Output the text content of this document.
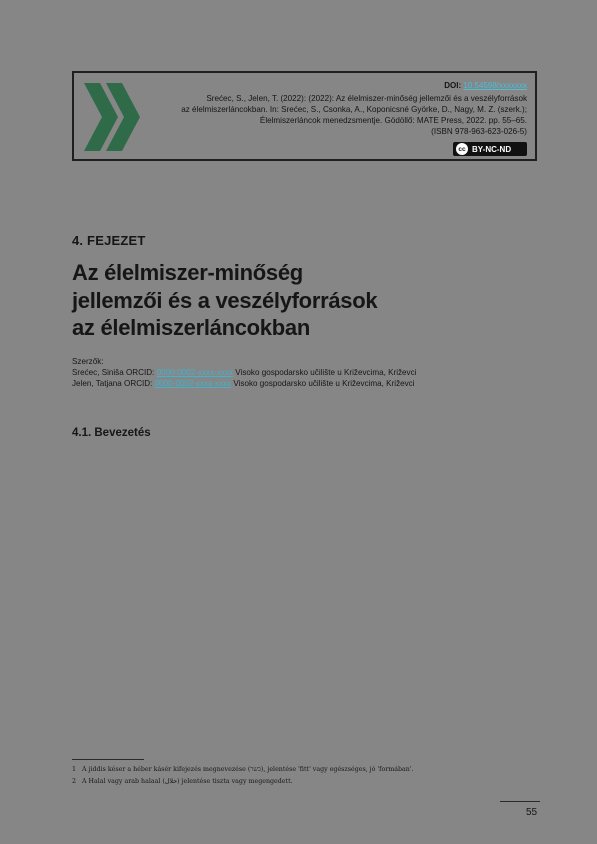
DOI: 10.54598/xxxxxxx
Srećec, S., Jelen, T. (2022): (2022): Az élelmiszer-minőség jellemzői és a veszélyforrások
az élelmiszerláncokban. In: Srećec, S., Csonka, A., Koponicsné Györke, D., Nagy, M. Z. (szerk.);
Élelmiszerláncok menedzsmentje. Gödöllő: MATE Press, 2022. pp. 55–65.
(ISBN 978-963-623-026-5)
cc BY-NC-ND
4. FEJEZET
Az élelmiszer-minőség
jellemzői és a veszélyforrások
az élelmiszerláncokban
Szerzők:
Srećec, Siniša ORCID: 0000-0002-xxxx-xxxx Visoko gospodarsko učilište u Križevcima, Križevci
Jelen, Tatjana ORCID: 0000-0002-xxxx-xxxx Visoko gospodarsko učilište u Križevcima, Križevci
4.1. Bevezetés
1 A jiddis késer a héber kásér kifejezés megnevezése (כשר), jelentése 'fitt' vagy egészséges, jó 'formában'.
2 A Halal vagy arab halaal (حلال) jelentése tiszta vagy megengedett.
55
